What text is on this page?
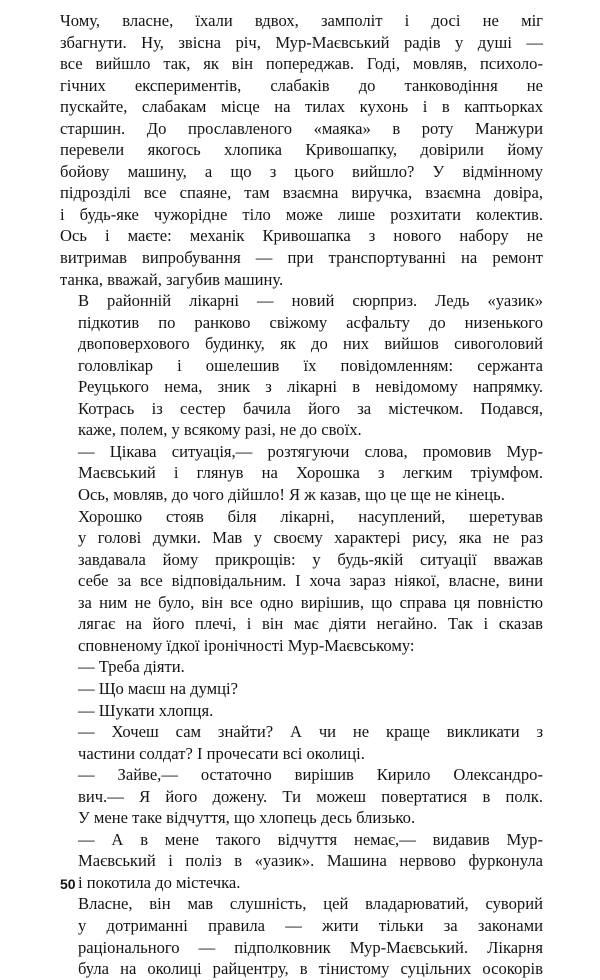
Чому, власне, їхали вдвох, замполіт і досі не міг
збагнути. Ну, звісна річ, Мур-Маєвський радів у душі —
все вийшло так, як він попереджав. Годі, мовляв, психоло-
гічних експериментів, слабаків до танководіння не
пускайте, слабакам місце на тилах кухонь і в каптьорках
старшин. До прославленого «маяка» в роту Манжури
перевели якогось хлопика Кривошапку, довірили йому
бойову машину, а що з цього вийшло? У відмінному
підрозділі все спаяне, там взаємна виручка, взаємна довіра,
і будь-яке чужорідне тіло може лише розхитати колектив.
Ось і маєте: механік Кривошапка з нового набору не
витримав випробування — при транспортуванні на ремонт
танка, вважай, загубив машину.

В районній лікарні — новий сюрприз. Ледь «уазик»
підкотив по ранково свіжому асфальту до низенького
двоповерхового будинку, як до них вийшов сивоголовий
головлікар і ошелешив їх повідомленням: сержанта
Реуцького нема, зник з лікарні в невідомому напрямку.
Котрась із сестер бачила його за містечком. Подався,
каже, полем, у всякому разі, не до своїх.

— Цікава ситуація,— розтягуючи слова, промовив Мур-
Маєвський і глянув на Хорошка з легким тріумфом.
Ось, мовляв, до чого дійшло! Я ж казав, що це ще не кінець.

Хорошко стояв біля лікарні, насуплений, шеретував
у голові думки. Мав у своєму характері рису, яка не раз
завдавала йому прикрощів: у будь-якій ситуації вважав
себе за все відповідальним. І хоча зараз ніякої, власне, вини
за ним не було, він все одно вирішив, що справа ця повністю
лягає на його плечі, і він має діяти негайно. Так і сказав
сповненому їдкої іронічності Мур-Маєвському:

— Треба діяти.

— Що маєш на думці?

— Шукати хлопця.

— Хочеш сам знайти? А чи не краще викликати з
частини солдат? І прочесати всі околиці.

— Зайве,— остаточно вирішив Кирило Олександро-
вич.— Я його дожену. Ти можеш повертатися в полк.
У мене таке відчуття, що хлопець десь близько.

— А в мене такого відчуття немає,— видавив Мур-
Маєвський і поліз в «уазик». Машина нервово фурконула
і покотила до містечка.

Власне, він мав слушність, цей владарюватий, суворий
у дотриманні правила — жити тільки за законами
раціонального — підполковник Мур-Маєвський. Лікарня
була на околиці райцентру, в тінистому суцільних осокорів

50
